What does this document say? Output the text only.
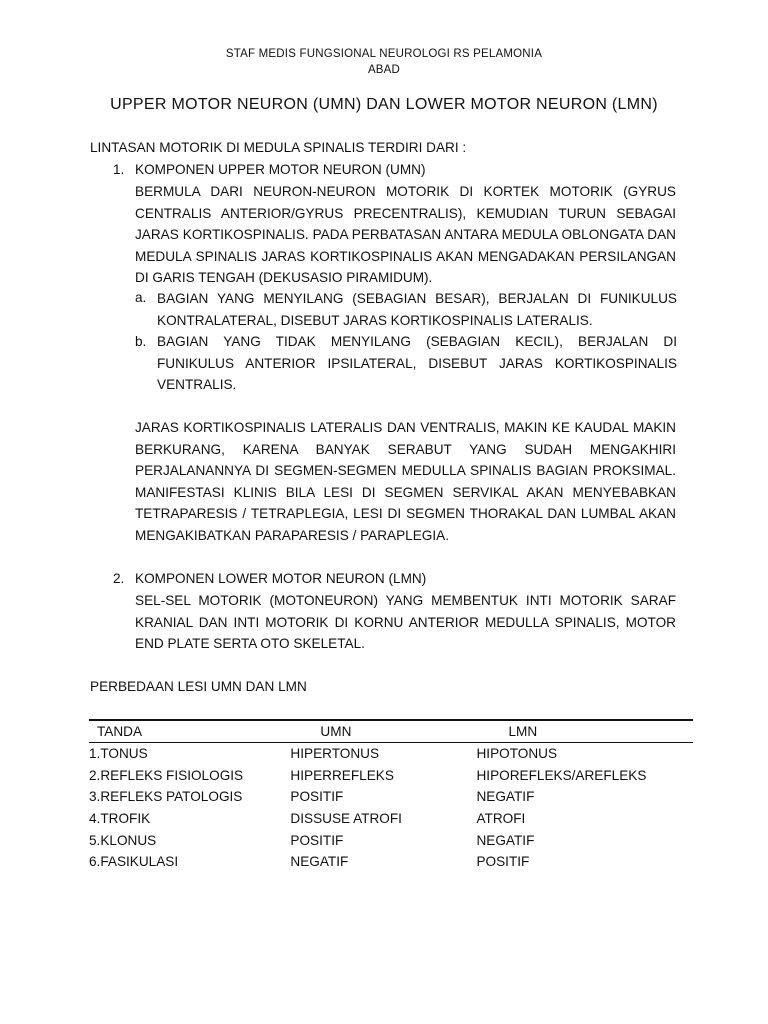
STAF MEDIS FUNGSIONAL NEUROLOGI RS PELAMONIA
ABAD
UPPER MOTOR NEURON (UMN) DAN LOWER MOTOR NEURON (LMN)
LINTASAN MOTORIK DI MEDULA SPINALIS TERDIRI DARI :
1. KOMPONEN UPPER MOTOR NEURON (UMN)
BERMULA DARI NEURON-NEURON MOTORIK DI KORTEK MOTORIK (GYRUS CENTRALIS ANTERIOR/GYRUS PRECENTRALIS), KEMUDIAN TURUN SEBAGAI JARAS KORTIKOSPINALIS. PADA PERBATASAN ANTARA MEDULA OBLONGATA DAN MEDULA SPINALIS JARAS KORTIKOSPINALIS AKAN MENGADAKAN PERSILANGAN DI GARIS TENGAH (DEKUSASIO PIRAMIDUM).
a. BAGIAN YANG MENYILANG (SEBAGIAN BESAR), BERJALAN DI FUNIKULUS KONTRALATERAL, DISEBUT JARAS KORTIKOSPINALIS LATERALIS.
b. BAGIAN YANG TIDAK MENYILANG (SEBAGIAN KECIL), BERJALAN DI FUNIKULUS ANTERIOR IPSILATERAL, DISEBUT JARAS KORTIKOSPINALIS VENTRALIS.
JARAS KORTIKOSPINALIS LATERALIS DAN VENTRALIS, MAKIN KE KAUDAL MAKIN BERKURANG, KARENA BANYAK SERABUT YANG SUDAH MENGAKHIRI PERJALANANNYA DI SEGMEN-SEGMEN MEDULLA SPINALIS BAGIAN PROKSIMAL. MANIFESTASI KLINIS BILA LESI DI SEGMEN SERVIKAL AKAN MENYEBABKAN TETRAPARESIS / TETRAPLEGIA, LESI DI SEGMEN THORAKAL DAN LUMBAL AKAN MENGAKIBATKAN PARAPARESIS / PARAPLEGIA.
2. KOMPONEN LOWER MOTOR NEURON (LMN)
SEL-SEL MOTORIK (MOTONEURON) YANG MEMBENTUK INTI MOTORIK SARAF KRANIAL DAN INTI MOTORIK DI KORNU ANTERIOR MEDULLA SPINALIS, MOTOR END PLATE SERTA OTO SKELETAL.
PERBEDAAN LESI UMN DAN LMN
TANDA	UMN	LMN
1.TONUS	HIPERTONUS	HIPOTONUS
2.REFLEKS FISIOLOGIS	HIPERREFLEKS	HIPOREFLEKS/AREFLEKS
3.REFLEKS PATOLOGIS	POSITIF	NEGATIF
4.TROFIK	DISSUSE ATROFI	ATROFI
5.KLONUS	POSITIF	NEGATIF
6.FASIKULASI	NEGATIF	POSITIF
